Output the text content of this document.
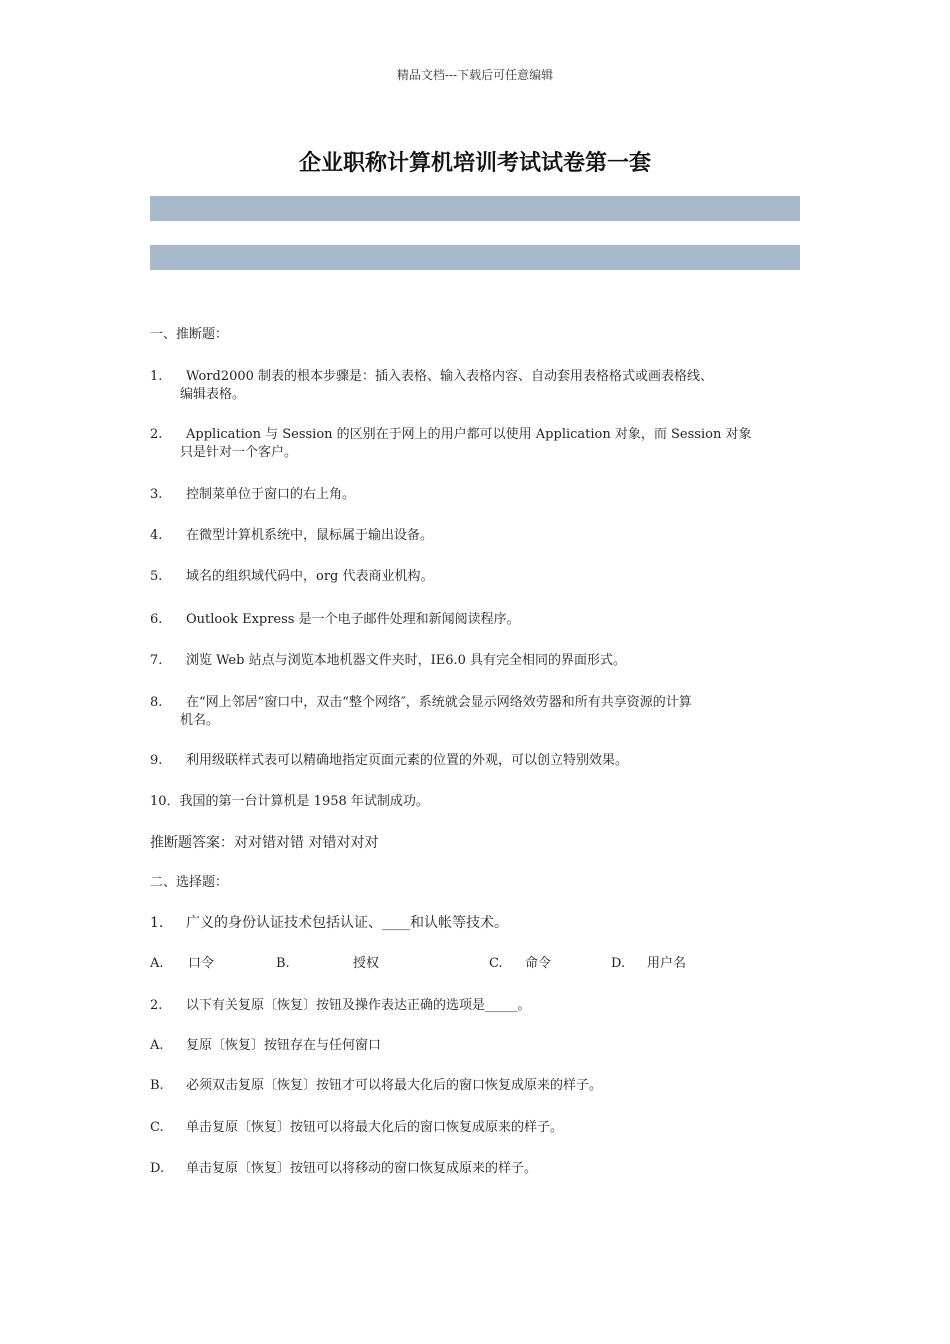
精品文档---下载后可任意编辑
企业职称计算机培训考试试卷第一套
一、推断题：
1. Word2000 制表的根本步骤是：插入表格、输入表格内容、自动套用表格格式或画表格线、
编辑表格。
2. Application 与 Session 的区别在于网上的用户都可以使用 Application 对象，而 Session 对象
只是针对一个客户。
3. 控制菜单位于窗口的右上角。
4. 在微型计算机系统中，鼠标属于输出设备。
5. 域名的组织域代码中，org 代表商业机构。
6. Outlook Express 是一个电子邮件处理和新闻阅读程序。
7. 浏览 Web 站点与浏览本地机器文件夹时，IE6.0 具有完全相同的界面形式。
8. 在“网上邻居”窗口中，双击“整个网络″，系统就会显示网络效劳器和所有共享资源的计算
机名。
9. 利用级联样式表可以精确地指定页面元素的位置的外观，可以创立特别效果。
10．我国的第一台计算机是 1958 年试制成功。
推断题答案：对对错对错 对错对对对
二、选择题：
1. 广义的身份认证技术包括认证、____和认帐等技术。
A. 口令	B.	授权	C. 命令	D. 用户名
2. 以下有关复原〔恢复〕按钮及操作表达正确的选项是_____。
A. 复原〔恢复〕按钮存在与任何窗口
B. 必须双击复原〔恢复〕按钮才可以将最大化后的窗口恢复成原来的样子。
C. 单击复原〔恢复〕按钮可以将最大化后的窗口恢复成原来的样子。
D. 单击复原〔恢复〕按钮可以将移动的窗口恢复成原来的样子。
